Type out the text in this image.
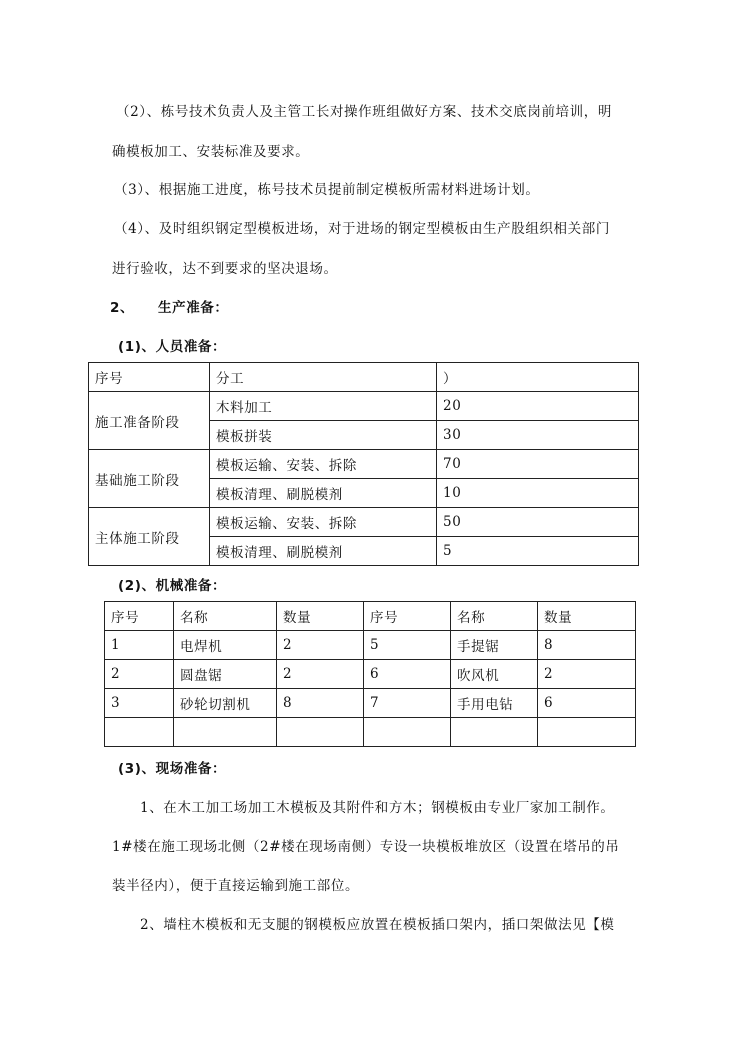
（2）、栋号技术负责人及主管工长对操作班组做好方案、技术交底岗前培训，明
确模板加工、安装标准及要求。
（3）、根据施工进度，栋号技术员提前制定模板所需材料进场计划。
（4）、及时组织钢定型模板进场，对于进场的钢定型模板由生产股组织相关部门
进行验收，达不到要求的坚决退场。
2、 生产准备：
(1)、人员准备：
序号	分工	）
施工准备阶段	木料加工	20
	模板拼装	30
基础施工阶段	模板运输、安装、拆除	70
	模板清理、刷脱模剂	10
主体施工阶段	模板运输、安装、拆除	50
	模板清理、刷脱模剂	5
(2)、机械准备：
序号	名称	数量	序号	名称	数量
1	电焊机	2	5	手提锯	8
2	圆盘锯	2	6	吹风机	2
3	砂轮切割机	8	7	手用电钻	6

(3)、现场准备：
1、在木工加工场加工木模板及其附件和方木；钢模板由专业厂家加工制作。
1#楼在施工现场北侧（2#楼在现场南侧）专设一块模板堆放区（设置在塔吊的吊
装半径内），便于直接运输到施工部位。
2、墙柱木模板和无支腿的钢模板应放置在模板插口架内，插口架做法见【模
